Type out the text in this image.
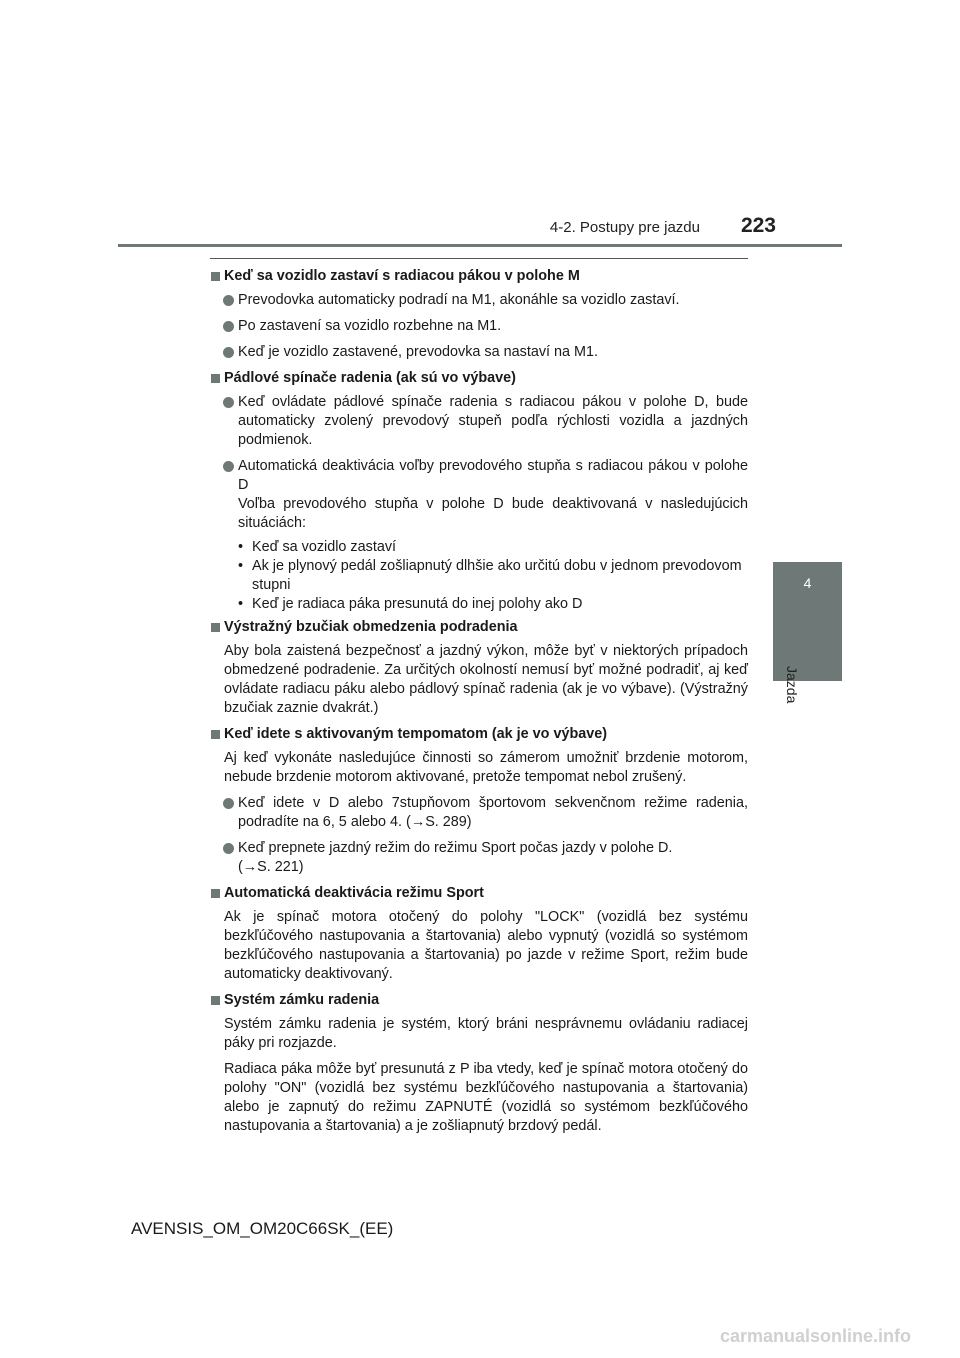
4-2. Postupy pre jazdu	223
4
Jazda
Keď sa vozidlo zastaví s radiacou pákou v polohe M
Prevodovka automaticky podradí na M1, akonáhle sa vozidlo zastaví.
Po zastavení sa vozidlo rozbehne na M1.
Keď je vozidlo zastavené, prevodovka sa nastaví na M1.
Pádlové spínače radenia (ak sú vo výbave)
Keď ovládate pádlové spínače radenia s radiacou pákou v polohe D, bude automaticky zvolený prevodový stupeň podľa rýchlosti vozidla a jazdných podmienok.
Automatická deaktivácia voľby prevodového stupňa s radiacou pákou v polohe D
Voľba prevodového stupňa v polohe D bude deaktivovaná v nasledujúcich situáciách:
• Keď sa vozidlo zastaví
• Ak je plynový pedál zošliapnutý dlhšie ako určitú dobu v jednom prevodovom stupni
• Keď je radiaca páka presunutá do inej polohy ako D
Výstražný bzučiak obmedzenia podradenia
Aby bola zaistená bezpečnosť a jazdný výkon, môže byť v niektorých prípadoch obmedzené podradenie. Za určitých okolností nemusí byť možné podradiť, aj keď ovládate radiacu páku alebo pádlový spínač radenia (ak je vo výbave). (Výstražný bzučiak zaznie dvakrát.)
Keď idete s aktivovaným tempomatom (ak je vo výbave)
Aj keď vykonáte nasledujúce činnosti so zámerom umožniť brzdenie motorom, nebude brzdenie motorom aktivované, pretože tempomat nebol zrušený.
Keď idete v D alebo 7stupňovom športovom sekvenčnom režime radenia, podradíte na 6, 5 alebo 4. (→S. 289)
Keď prepnete jazdný režim do režimu Sport počas jazdy v polohe D.
(→S. 221)
Automatická deaktivácia režimu Sport
Ak je spínač motora otočený do polohy "LOCK" (vozidlá bez systému bezkľúčového nastupovania a štartovania) alebo vypnutý (vozidlá so systémom bezkľúčového nastupovania a štartovania) po jazde v režime Sport, režim bude automaticky deaktivovaný.
Systém zámku radenia
Systém zámku radenia je systém, ktorý bráni nesprávnemu ovládaniu radiacej páky pri rozjazde.
Radiaca páka môže byť presunutá z P iba vtedy, keď je spínač motora otočený do polohy "ON" (vozidlá bez systému bezkľúčového nastupovania a štartovania) alebo je zapnutý do režimu ZAPNUTÉ (vozidlá so systémom bezkľúčového nastupovania a štartovania) a je zošliapnutý brzdový pedál.
AVENSIS_OM_OM20C66SK_(EE)
carmanualsonline.info
